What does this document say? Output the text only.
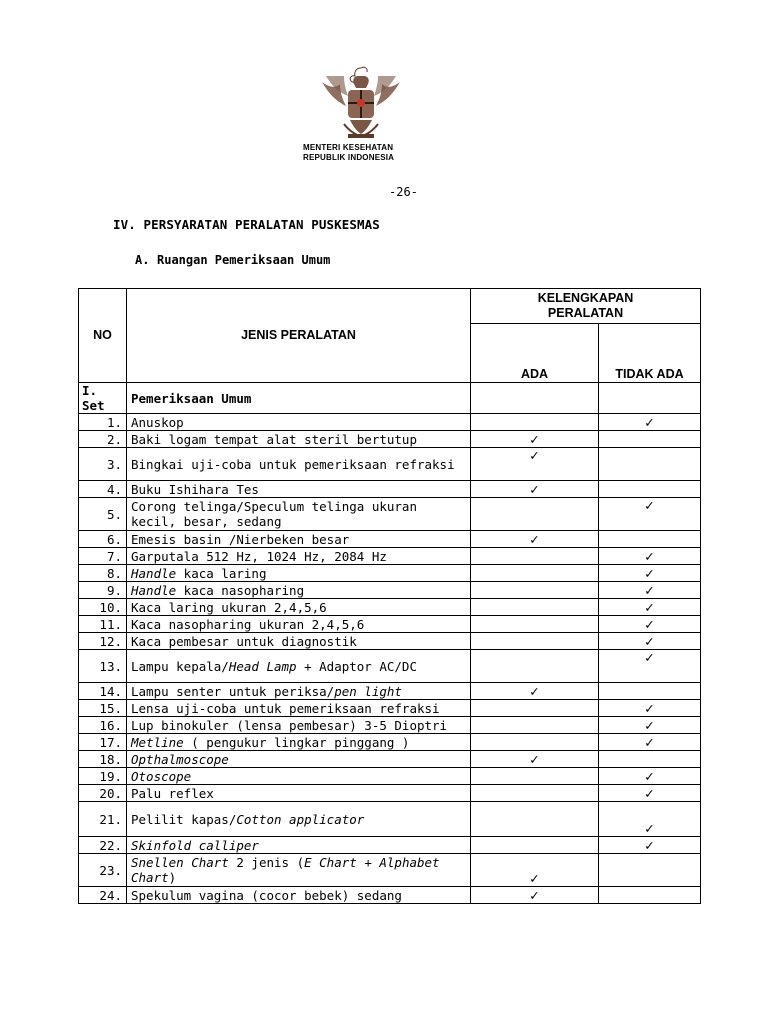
MENTERI KESEHATAN
REPUBLIK INDONESIA
-26-
IV. PERSYARATAN PERALATAN PUSKESMAS
A. Ruangan Pemeriksaan Umum
NO	JENIS PERALATAN	KELENGKAPAN
PERALATAN	

		ADA	TIDAK ADA
I. Set	Pemeriksaan Umum		
1.	Anuskop		✓
2.	Baki logam tempat alat steril bertutup	✓	
3.	Bingkai uji-coba untuk pemeriksaan refraksi	✓	
4.	Buku Ishihara Tes	✓	
5.	Corong telinga/Speculum telinga ukuran kecil, besar, sedang		✓
6.	Emesis basin /Nierbeken besar	✓	
7.	Garputala 512 Hz, 1024 Hz, 2084 Hz		✓
8.	Handle kaca laring		✓
9.	Handle kaca nasopharing		✓
10.	Kaca laring ukuran 2,4,5,6		✓
11.	Kaca nasopharing ukuran 2,4,5,6		✓
12.	Kaca pembesar untuk diagnostik		✓
13.	Lampu kepala/Head Lamp + Adaptor AC/DC		✓
14.	Lampu senter untuk periksa/pen light	✓	
15.	Lensa uji-coba untuk pemeriksaan refraksi		✓
16.	Lup binokuler (lensa pembesar) 3-5 Dioptri		✓
17.	Metline ( pengukur lingkar pinggang )		✓
18.	Opthalmoscope	✓	
19.	Otoscope		✓
20.	Palu reflex		✓
21.	Pelilit kapas/Cotton applicator		✓
22.	Skinfold calliper		✓
23.	Snellen Chart 2 jenis (E Chart + Alphabet Chart)	✓	
24.	Spekulum vagina (cocor bebek) sedang	✓	
